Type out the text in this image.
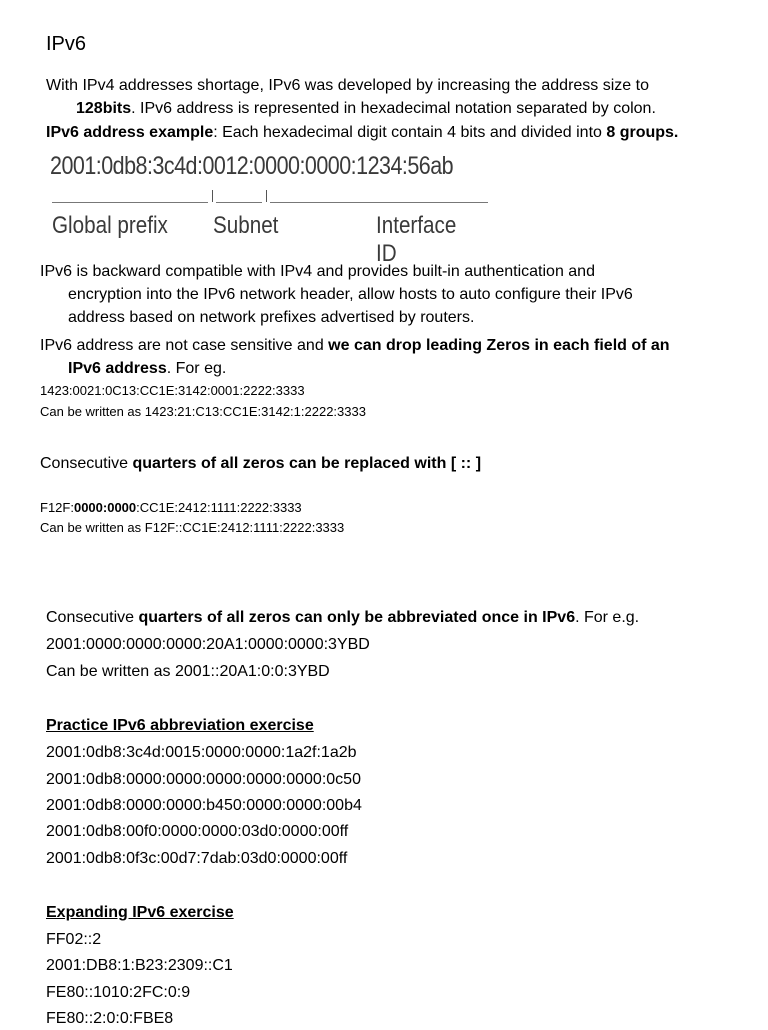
IPv6
With IPv4 addresses shortage, IPv6 was developed by increasing the address size to
128bits. IPv6 address is represented in hexadecimal notation separated by colon.
IPv6 address example: Each hexadecimal digit contain 4 bits and divided into 8 groups.
2001:0db8:3c4d:0012:0000:0000:1234:56ab
Global prefix Subnet	Interface ID
IPv6 is backward compatible with IPv4 and provides built-in authentication and
encryption into the IPv6 network header, allow hosts to auto configure their IPv6
address based on network prefixes advertised by routers.
IPv6 address are not case sensitive and we can drop leading Zeros in each field of an
IPv6 address. For eg.
1423:0021:0C13:CC1E:3142:0001:2222:3333
Can be written as 1423:21:C13:CC1E:3142:1:2222:3333
Consecutive quarters of all zeros can be replaced with [ :: ]
F12F:0000:0000:CC1E:2412:1111:2222:3333
Can be written as F12F::CC1E:2412:1111:2222:3333
Consecutive quarters of all zeros can only be abbreviated once in IPv6. For e.g.
2001:0000:0000:0000:20A1:0000:0000:3YBD
Can be written as 2001::20A1:0:0:3YBD
Practice IPv6 abbreviation exercise
2001:0db8:3c4d:0015:0000:0000:1a2f:1a2b
2001:0db8:0000:0000:0000:0000:0000:0c50
2001:0db8:0000:0000:b450:0000:0000:00b4
2001:0db8:00f0:0000:0000:03d0:0000:00ff
2001:0db8:0f3c:00d7:7dab:03d0:0000:00ff
Expanding IPv6 exercise
FF02::2
2001:DB8:1:B23:2309::C1
FE80::1010:2FC:0:9
FE80::2:0:0:FBE8
